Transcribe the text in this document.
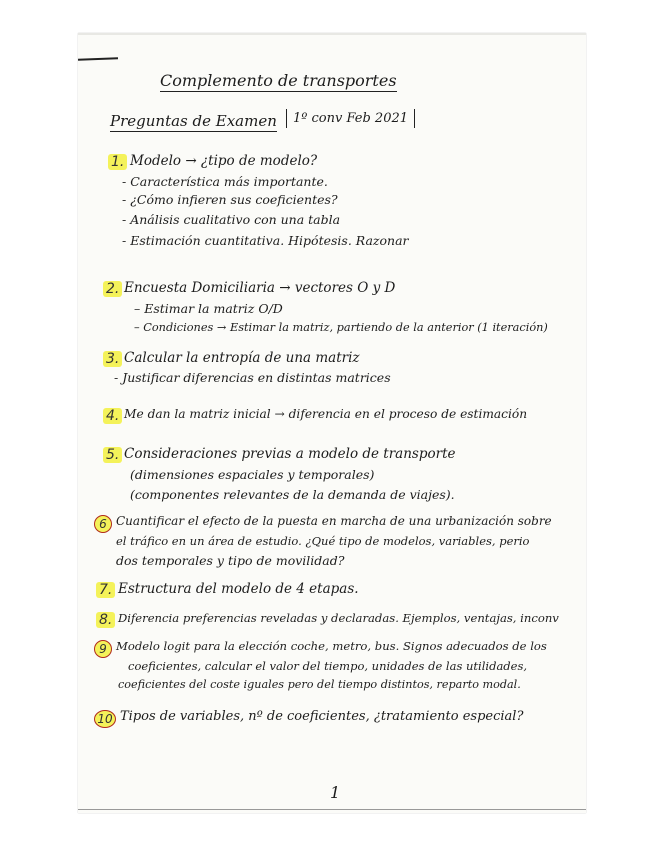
Complemento de transportes
Preguntas de Examen	1º conv Feb 2021
1. Modelo → ¿tipo de modelo?
- Característica más importante.
- ¿Cómo infieren sus coeficientes?
- Análisis cualitativo con una tabla
- Estimación cuantitativa. Hipótesis. Razonar
2. Encuesta Domiciliaria → vectores O y D
– Estimar la matriz O/D
– Condiciones → Estimar la matriz, partiendo de la anterior (1 iteración)
3. Calcular la entropía de una matriz
- Justificar diferencias en distintas matrices
4. Me dan la matriz inicial → diferencia en el proceso de estimación
5. Consideraciones previas a modelo de transporte
(dimensiones espaciales y temporales)
(componentes relevantes de la demanda de viajes).
6 Cuantificar el efecto de la puesta en marcha de una urbanización sobre
el tráfico en un área de estudio. ¿Qué tipo de modelos, variables, perio
dos temporales y tipo de movilidad?
7. Estructura del modelo de 4 etapas.
8. Diferencia preferencias reveladas y declaradas. Ejemplos, ventajas, inconv
9 Modelo logit para la elección coche, metro, bus. Signos adecuados de los
coeficientes, calcular el valor del tiempo, unidades de las utilidades,
coeficientes del coste iguales pero del tiempo distintos, reparto modal.
10 Tipos de variables, nº de coeficientes, ¿tratamiento especial?
1
